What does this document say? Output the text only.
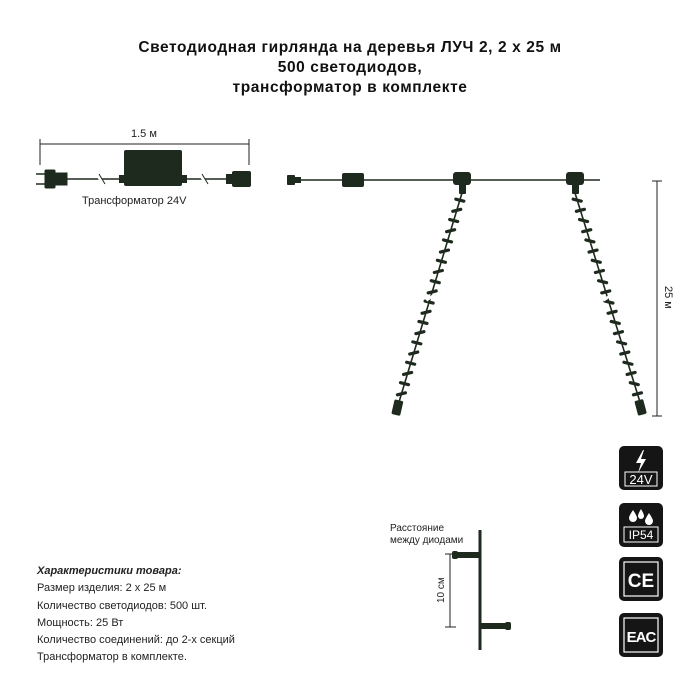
Светодиодная гирлянда на деревья ЛУЧ 2, 2 x 25 м
500 светодиодов,
трансформатор в комплекте
1.5 м
Трансформатор 24V
25 м
10 см
Расстояние
между диодами
Характеристики товара:
Размер изделия: 2 х 25 м
Количество светодиодов: 500 шт.
Мощность: 25 Вт
Количество соединений: до 2-х секций
Трансформатор в комплекте.
24V
IP54
CE
EAC
